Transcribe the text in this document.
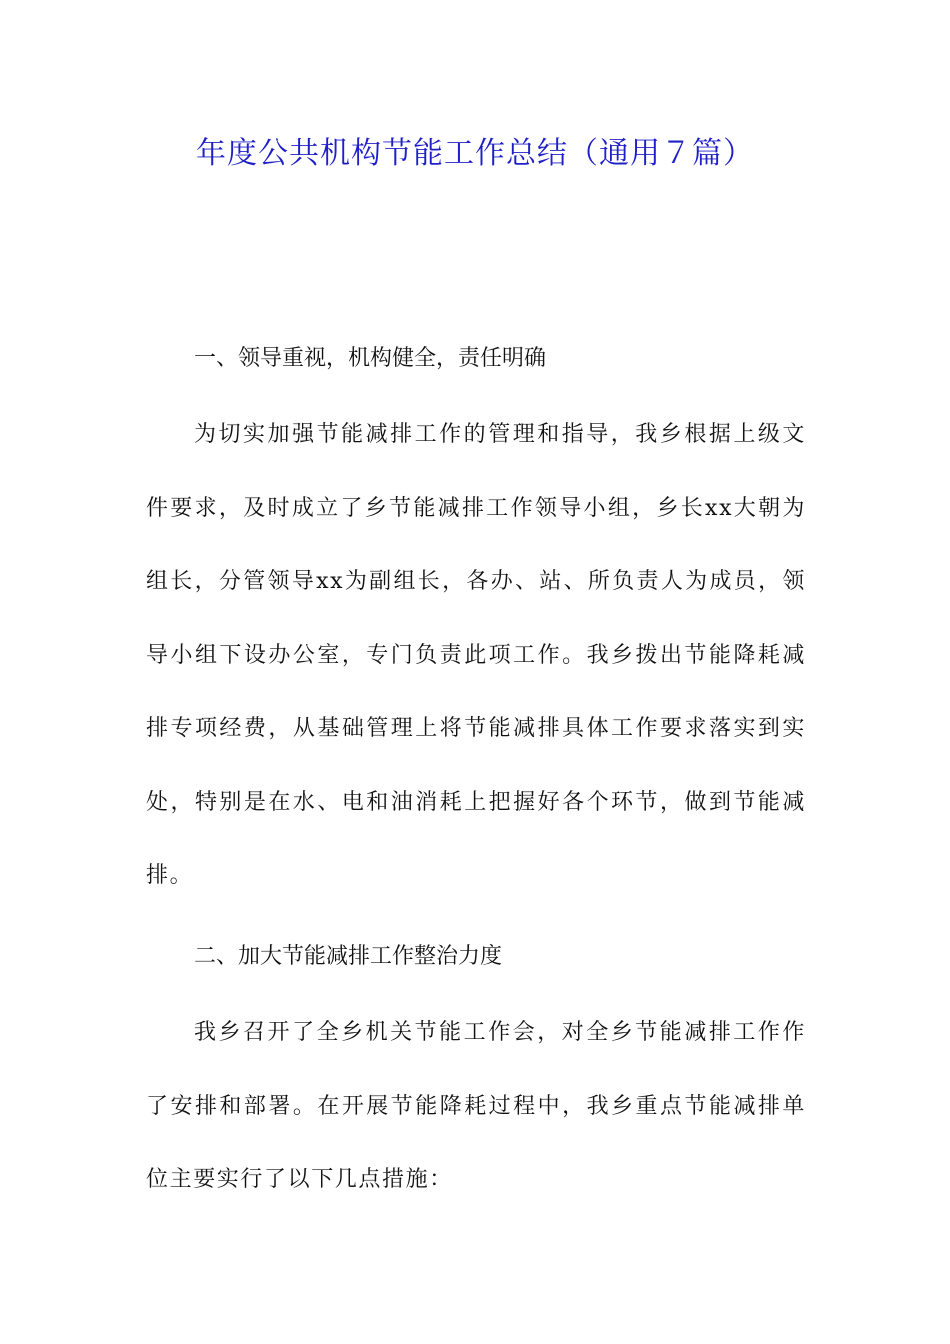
年度公共机构节能工作总结（通用７篇）
一、领导重视，机构健全，责任明确
为切实加强节能减排工作的管理和指导，我乡根据上级文件要求，及时成立了乡节能减排工作领导小组，乡长xx大朝为组长，分管领导xx为副组长，各办、站、所负责人为成员，领导小组下设办公室，专门负责此项工作。我乡拨出节能降耗减排专项经费，从基础管理上将节能减排具体工作要求落实到实处，特别是在水、电和油消耗上把握好各个环节，做到节能减排。
二、加大节能减排工作整治力度
我乡召开了全乡机关节能工作会，对全乡节能减排工作作了安排和部署。在开展节能降耗过程中，我乡重点节能减排单位主要实行了以下几点措施：
